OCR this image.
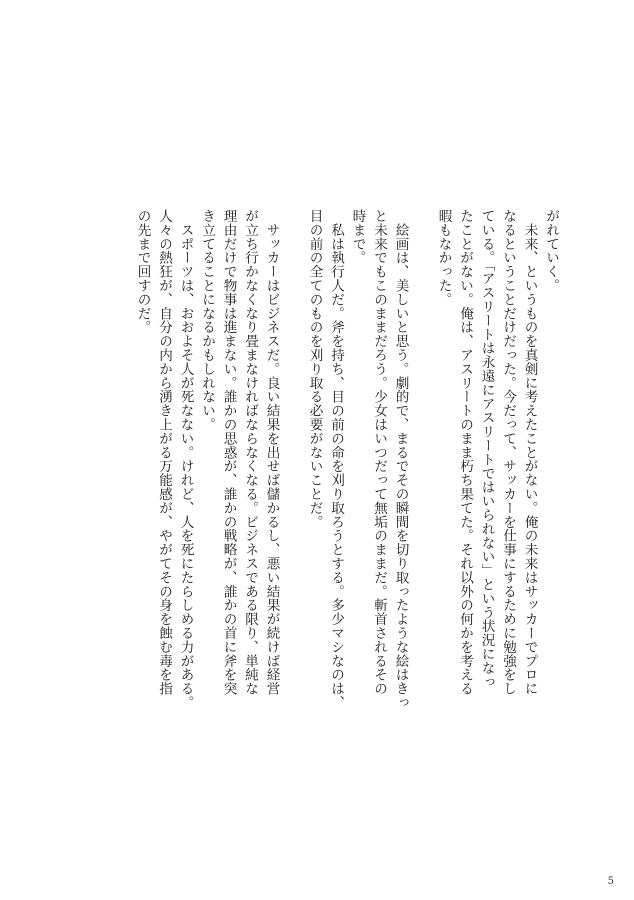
がれていく。
　未来、というものを真剣に考えたことがない。俺の未来はサッカーでプロに
なるということだけだった。今だって、サッカーを仕事にするために勉強をし
ている。「アスリートは永遠にアスリートではいられない」という状況になっ
たことがない。俺は、アスリートのまま朽ち果てた。それ以外の何かを考える
暇もなかった。

　絵画は、美しいと思う。劇的で、まるでその瞬間を切り取ったような絵はきっ
と未来でもこのままだろう。少女はいつだって無垢のままだ。斬首されるその
時まで。
　私は執行人だ。斧を持ち、目の前の命を刈り取ろうとする。多少マシなのは、
目の前の全てのものを刈り取る必要がないことだ。

　サッカーはビジネスだ。良い結果を出せば儲かるし、悪い結果が続けば経営
が立ち行かなくなり畳まなければならなくなる。ビジネスである限り、単純な
理由だけで物事は進まない。誰かの思惑が、誰かの戦略が、誰かの首に斧を突
き立てることになるかもしれない。
　スポーツは、おおよそ人が死なない。けれど、人を死にたらしめる力がある。
人々の熱狂が、自分の内から湧き上がる万能感が、やがてその身を蝕む毒を指
の先まで回すのだ。
5
